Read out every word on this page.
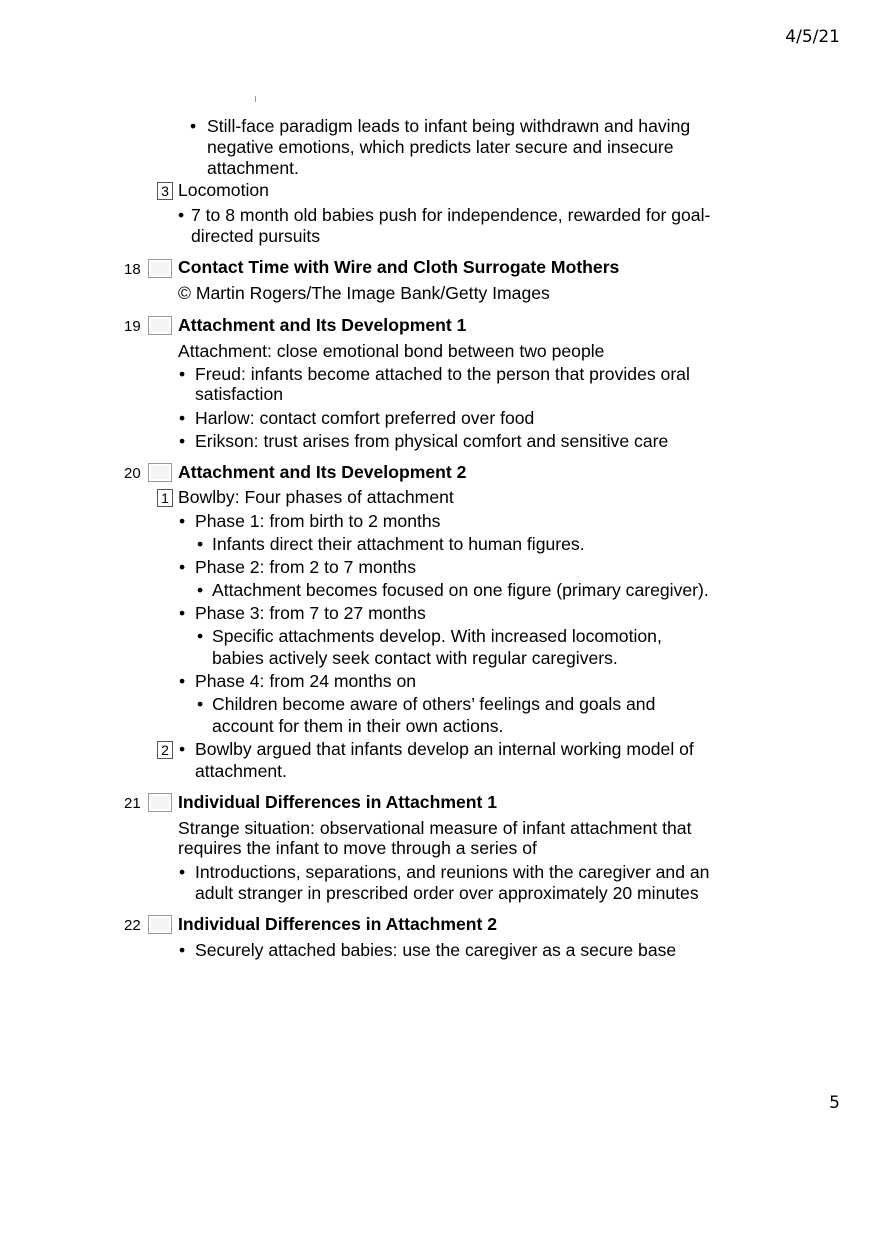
4/5/21
5
• Still-face paradigm leads to infant being withdrawn and having
negative emotions, which predicts later secure and insecure
attachment.
3 Locomotion
• 7 to 8 month old babies push for independence, rewarded for goal-
directed pursuits
18 Contact Time with Wire and Cloth Surrogate Mothers
© Martin Rogers/The Image Bank/Getty Images
19 Attachment and Its Development 1
Attachment: close emotional bond between two people
• Freud: infants become attached to the person that provides oral
satisfaction
• Harlow: contact comfort preferred over food
• Erikson: trust arises from physical comfort and sensitive care
20 Attachment and Its Development 2
1 Bowlby: Four phases of attachment
• Phase 1: from birth to 2 months
• Infants direct their attachment to human figures.
• Phase 2: from 2 to 7 months
• Attachment becomes focused on one figure (primary caregiver).
• Phase 3: from 7 to 27 months
• Specific attachments develop. With increased locomotion,
babies actively seek contact with regular caregivers.
• Phase 4: from 24 months on
• Children become aware of others’ feelings and goals and
account for them in their own actions.
2 • Bowlby argued that infants develop an internal working model of
attachment.
21 Individual Differences in Attachment 1
Strange situation: observational measure of infant attachment that
requires the infant to move through a series of
• Introductions, separations, and reunions with the caregiver and an
adult stranger in prescribed order over approximately 20 minutes
22 Individual Differences in Attachment 2
• Securely attached babies: use the caregiver as a secure base
